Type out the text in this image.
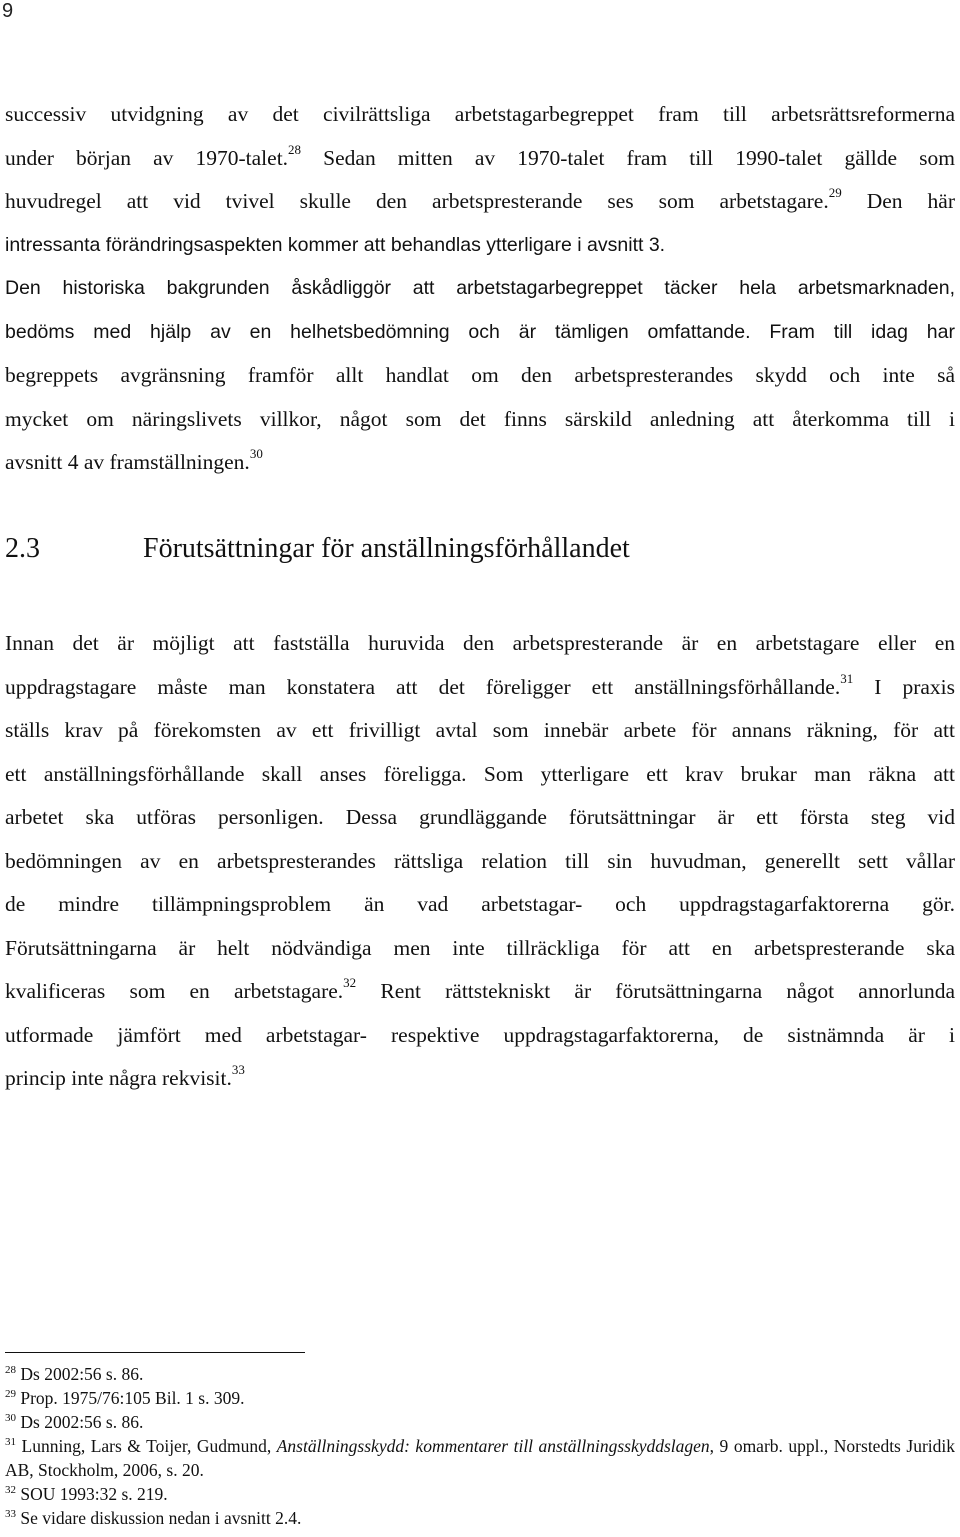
9
successiv utvidgning av det civilrättsliga arbetstagarbegreppet fram till arbetsrättsreformerna
under början av 1970-talet.$^{28}$ Sedan mitten av 1970-talet fram till 1990-talet gällde som
huvudregel att vid tvivel skulle den arbetspresterande ses som arbetstagare.$^{29}$ Den här
intressanta förändringsaspekten kommer att behandlas ytterligare i avsnitt 3.
Den historiska bakgrunden åskådliggör att arbetstagarbegreppet täcker hela arbetsmarknaden,
bedöms med hjälp av en helhetsbedömning och är tämligen omfattande. Fram till idag har
begreppets avgränsning framför allt handlat om den arbetspresterandes skydd och inte så
mycket om näringslivets villkor, något som det finns särskild anledning att återkomma till i
avsnitt 4 av framställningen.$^{30}$
2.3	Förutsättningar för anställningsförhållandet
Innan det är möjligt att fastställa huruvida den arbetspresterande är en arbetstagare eller en
uppdragstagare måste man konstatera att det föreligger ett anställningsförhållande.$^{31}$ I praxis
ställs krav på förekomsten av ett frivilligt avtal som innebär arbete för annans räkning, för att
ett anställningsförhållande skall anses föreligga. Som ytterligare ett krav brukar man räkna att
arbetet ska utföras personligen. Dessa grundläggande förutsättningar är ett första steg vid
bedömningen av en arbetspresterandes rättsliga relation till sin huvudman, generellt sett vållar
de mindre tillämpningsproblem än vad arbetstagar- och uppdragstagarfaktorerna gör.
Förutsättningarna är helt nödvändiga men inte tillräckliga för att en arbetspresterande ska
kvalificeras som en arbetstagare.$^{32}$ Rent rättstekniskt är förutsättningarna något annorlunda
utformade jämfört med arbetstagar- respektive uppdragstagarfaktorerna, de sistnämnda är i
princip inte några rekvisit.$^{33}$
$^{28}$ Ds 2002:56 s. 86.
$^{29}$ Prop. 1975/76:105 Bil. 1 s. 309.
$^{30}$ Ds 2002:56 s. 86.
$^{31}$ Lunning, Lars & Toijer, Gudmund, Anställningsskydd: kommentarer till anställningsskyddslagen, 9 omarb. uppl., Norstedts Juridik AB, Stockholm, 2006, s. 20.
$^{32}$ SOU 1993:32 s. 219.
$^{33}$ Se vidare diskussion nedan i avsnitt 2.4.
